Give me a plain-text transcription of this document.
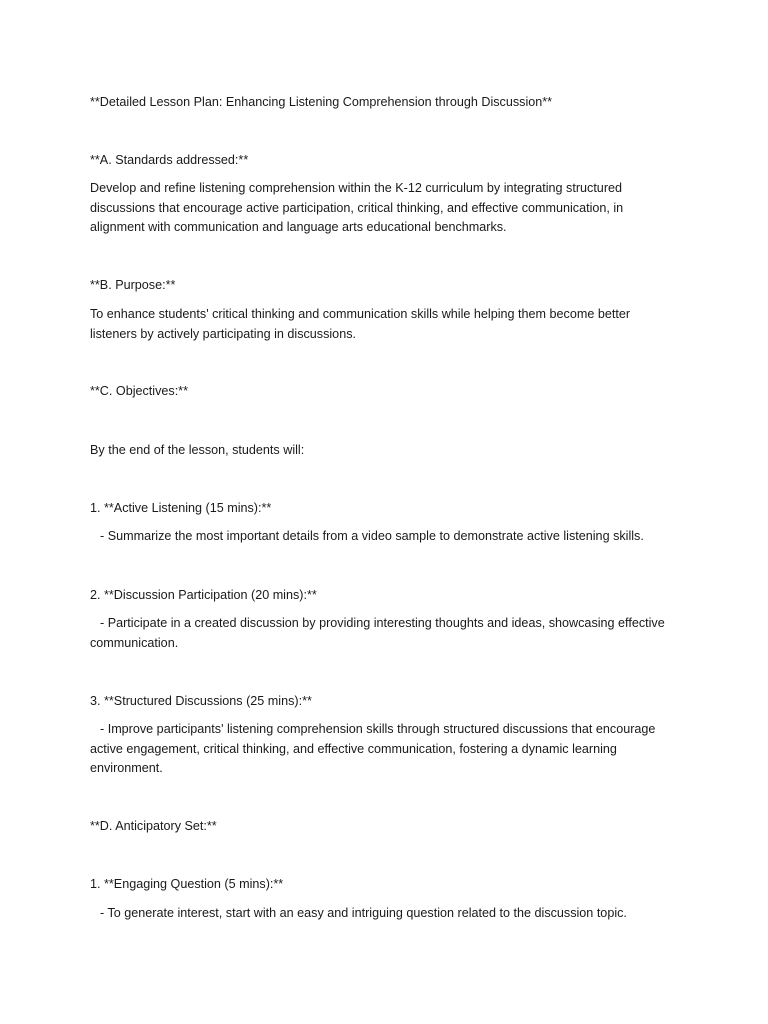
**Detailed Lesson Plan: Enhancing Listening Comprehension through Discussion**
**A. Standards addressed:**
Develop and refine listening comprehension within the K-12 curriculum by integrating structured discussions that encourage active participation, critical thinking, and effective communication, in alignment with communication and language arts educational benchmarks.
**B. Purpose:**
To enhance students' critical thinking and communication skills while helping them become better listeners by actively participating in discussions.
**C. Objectives:**
By the end of the lesson, students will:
1. **Active Listening (15 mins):**
- Summarize the most important details from a video sample to demonstrate active listening skills.
2. **Discussion Participation (20 mins):**
- Participate in a created discussion by providing interesting thoughts and ideas, showcasing effective communication.
3. **Structured Discussions (25 mins):**
- Improve participants' listening comprehension skills through structured discussions that encourage active engagement, critical thinking, and effective communication, fostering a dynamic learning environment.
**D. Anticipatory Set:**
1. **Engaging Question (5 mins):**
- To generate interest, start with an easy and intriguing question related to the discussion topic.
